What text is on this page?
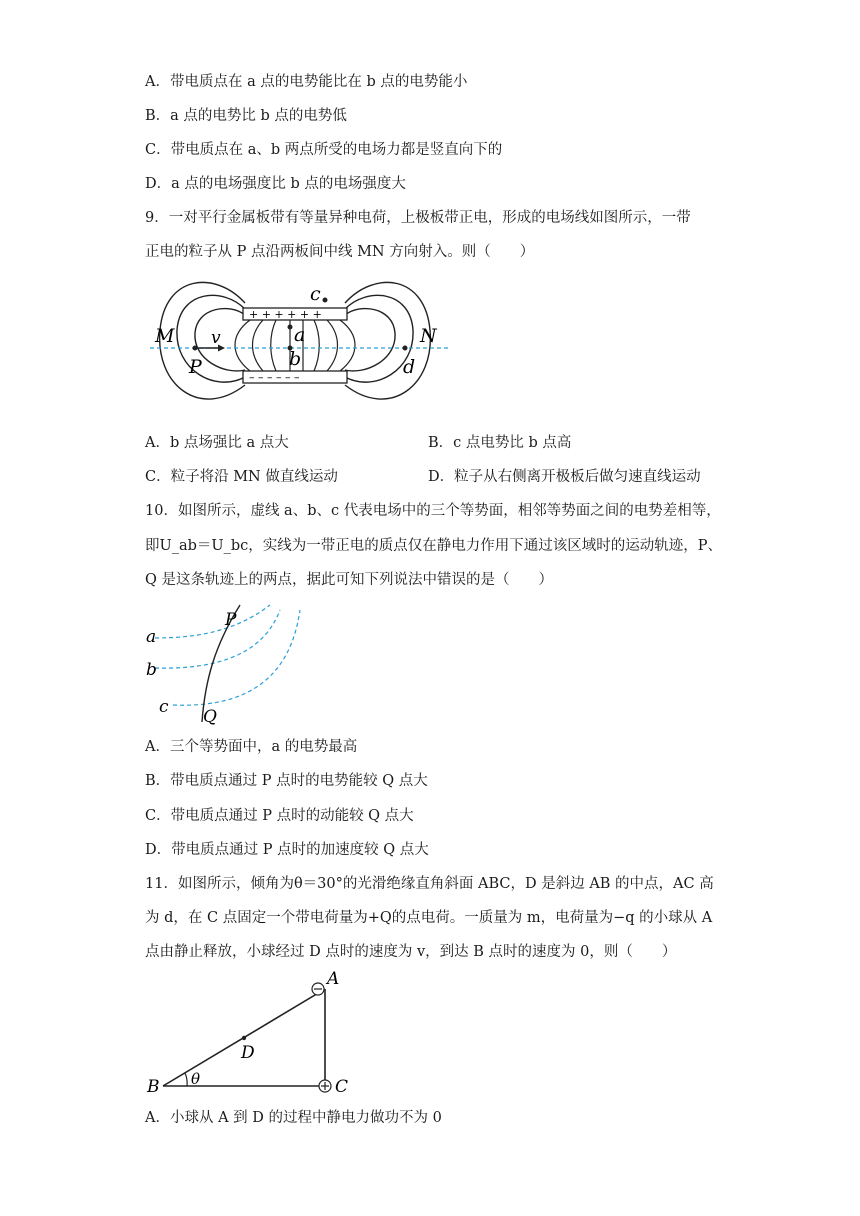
A．带电质点在 a 点的电势能比在 b 点的电势能小
B．a 点的电势比 b 点的电势低
C．带电质点在 a、b 两点所受的电场力都是竖直向下的
D．a 点的电场强度比 b 点的电场强度大
9．一对平行金属板带有等量异种电荷，上极板带正电，形成的电场线如图所示，一带
正电的粒子从 P 点沿两板间中线 MN 方向射入。则（　　）
+ + + + + +
– – – – – –
M	N
P
v	a
b
c
d
A．b 点场强比 a 点大	B．c 点电势比 b 点高
C．粒子将沿 MN 做直线运动	D．粒子从右侧离开极板后做匀速直线运动
10．如图所示，虚线 a、b、c 代表电场中的三个等势面，相邻等势面之间的电势差相等，
即U_ab＝U_bc，实线为一带正电的质点仅在静电力作用下通过该区域时的运动轨迹，P、
Q 是这条轨迹上的两点，据此可知下列说法中错误的是（　　）
a
b
c
P
Q
A．三个等势面中，a 的电势最高
B．带电质点通过 P 点时的电势能较 Q 点大
C．带电质点通过 P 点时的动能较 Q 点大
D．带电质点通过 P 点时的加速度较 Q 点大
11．如图所示，倾角为θ＝30°的光滑绝缘直角斜面 ABC，D 是斜边 AB 的中点，AC 高
为 d，在 C 点固定一个带电荷量为+Q的点电荷。一质量为 m，电荷量为−q 的小球从 A
点由静止释放，小球经过 D 点时的速度为 v，到达 B 点时的速度为 0，则（　　）
A
B	C
D
θ
A．小球从 A 到 D 的过程中静电力做功不为 0
